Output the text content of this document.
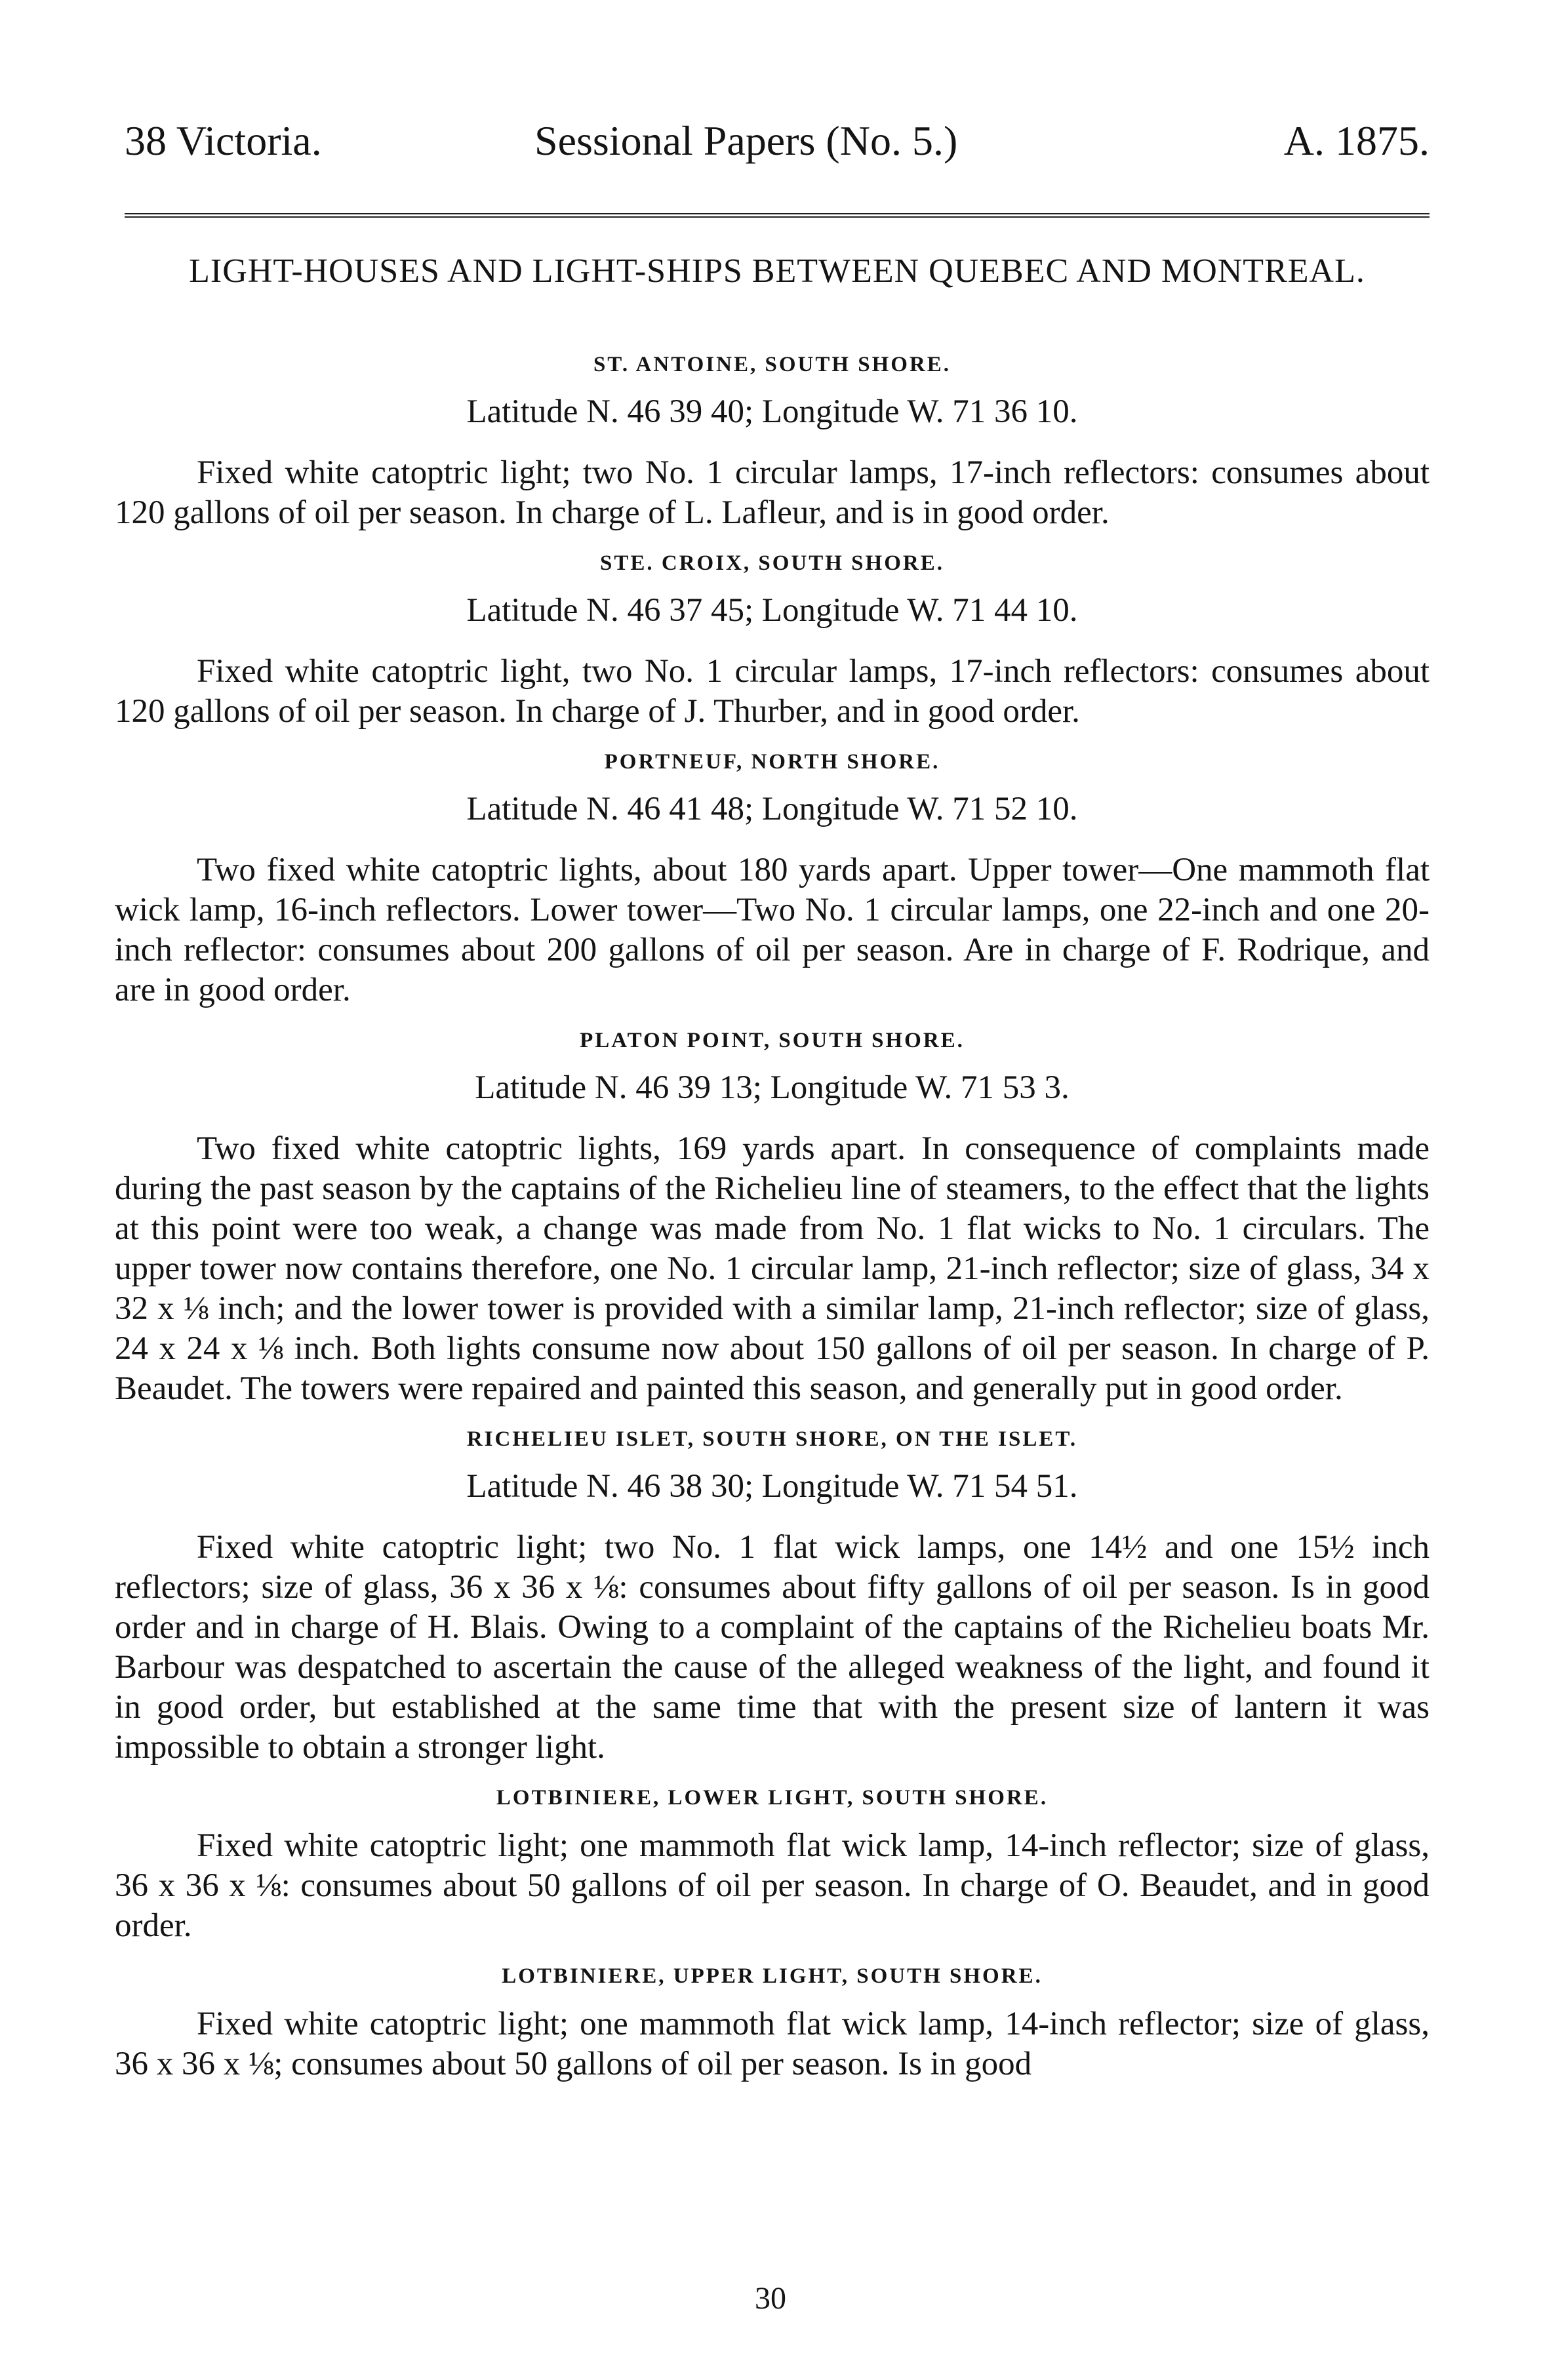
38 Victoria.	Sessional Papers (No. 5.)	A. 1875.
LIGHT-HOUSES AND LIGHT-SHIPS BETWEEN QUEBEC AND MONTREAL.
ST. ANTOINE, SOUTH SHORE.
Latitude N. 46 39 40; Longitude W. 71 36 10.

Fixed white catoptric light; two No. 1 circular lamps, 17-inch reflectors: consumes about 120 gallons of oil per season. In charge of L. Lafleur, and is in good order.

STE. CROIX, SOUTH SHORE.
Latitude N. 46 37 45; Longitude W. 71 44 10.

Fixed white catoptric light, two No. 1 circular lamps, 17-inch reflectors: consumes about 120 gallons of oil per season. In charge of J. Thurber, and in good order.

PORTNEUF, NORTH SHORE.
Latitude N. 46 41 48; Longitude W. 71 52 10.

Two fixed white catoptric lights, about 180 yards apart. Upper tower—One mammoth flat wick lamp, 16-inch reflectors. Lower tower—Two No. 1 circular lamps, one 22-inch and one 20-inch reflector: consumes about 200 gallons of oil per season. Are in charge of F. Rodrique, and are in good order.

PLATON POINT, SOUTH SHORE.
Latitude N. 46 39 13; Longitude W. 71 53 3.

Two fixed white catoptric lights, 169 yards apart. In consequence of complaints made during the past season by the captains of the Richelieu line of steamers, to the effect that the lights at this point were too weak, a change was made from No. 1 flat wicks to No. 1 circulars. The upper tower now contains therefore, one No. 1 circular lamp, 21-inch reflector; size of glass, 34 x 32 x ⅛ inch; and the lower tower is provided with a similar lamp, 21-inch reflector; size of glass, 24 x 24 x ⅛ inch. Both lights consume now about 150 gallons of oil per season. In charge of P. Beaudet. The towers were repaired and painted this season, and generally put in good order.

RICHELIEU ISLET, SOUTH SHORE, ON THE ISLET.
Latitude N. 46 38 30; Longitude W. 71 54 51.

Fixed white catoptric light; two No. 1 flat wick lamps, one 14½ and one 15½ inch reflectors; size of glass, 36 x 36 x ⅛: consumes about fifty gallons of oil per season. Is in good order and in charge of H. Blais. Owing to a complaint of the captains of the Richelieu boats Mr. Barbour was despatched to ascertain the cause of the alleged weakness of the light, and found it in good order, but established at the same time that with the present size of lantern it was impossible to obtain a stronger light.

LOTBINIERE, LOWER LIGHT, SOUTH SHORE.

Fixed white catoptric light; one mammoth flat wick lamp, 14-inch reflector; size of glass, 36 x 36 x ⅛: consumes about 50 gallons of oil per season. In charge of O. Beaudet, and in good order.

LOTBINIERE, UPPER LIGHT, SOUTH SHORE.

Fixed white catoptric light; one mammoth flat wick lamp, 14-inch reflector; size of glass, 36 x 36 x ⅛; consumes about 50 gallons of oil per season. Is in good

30
